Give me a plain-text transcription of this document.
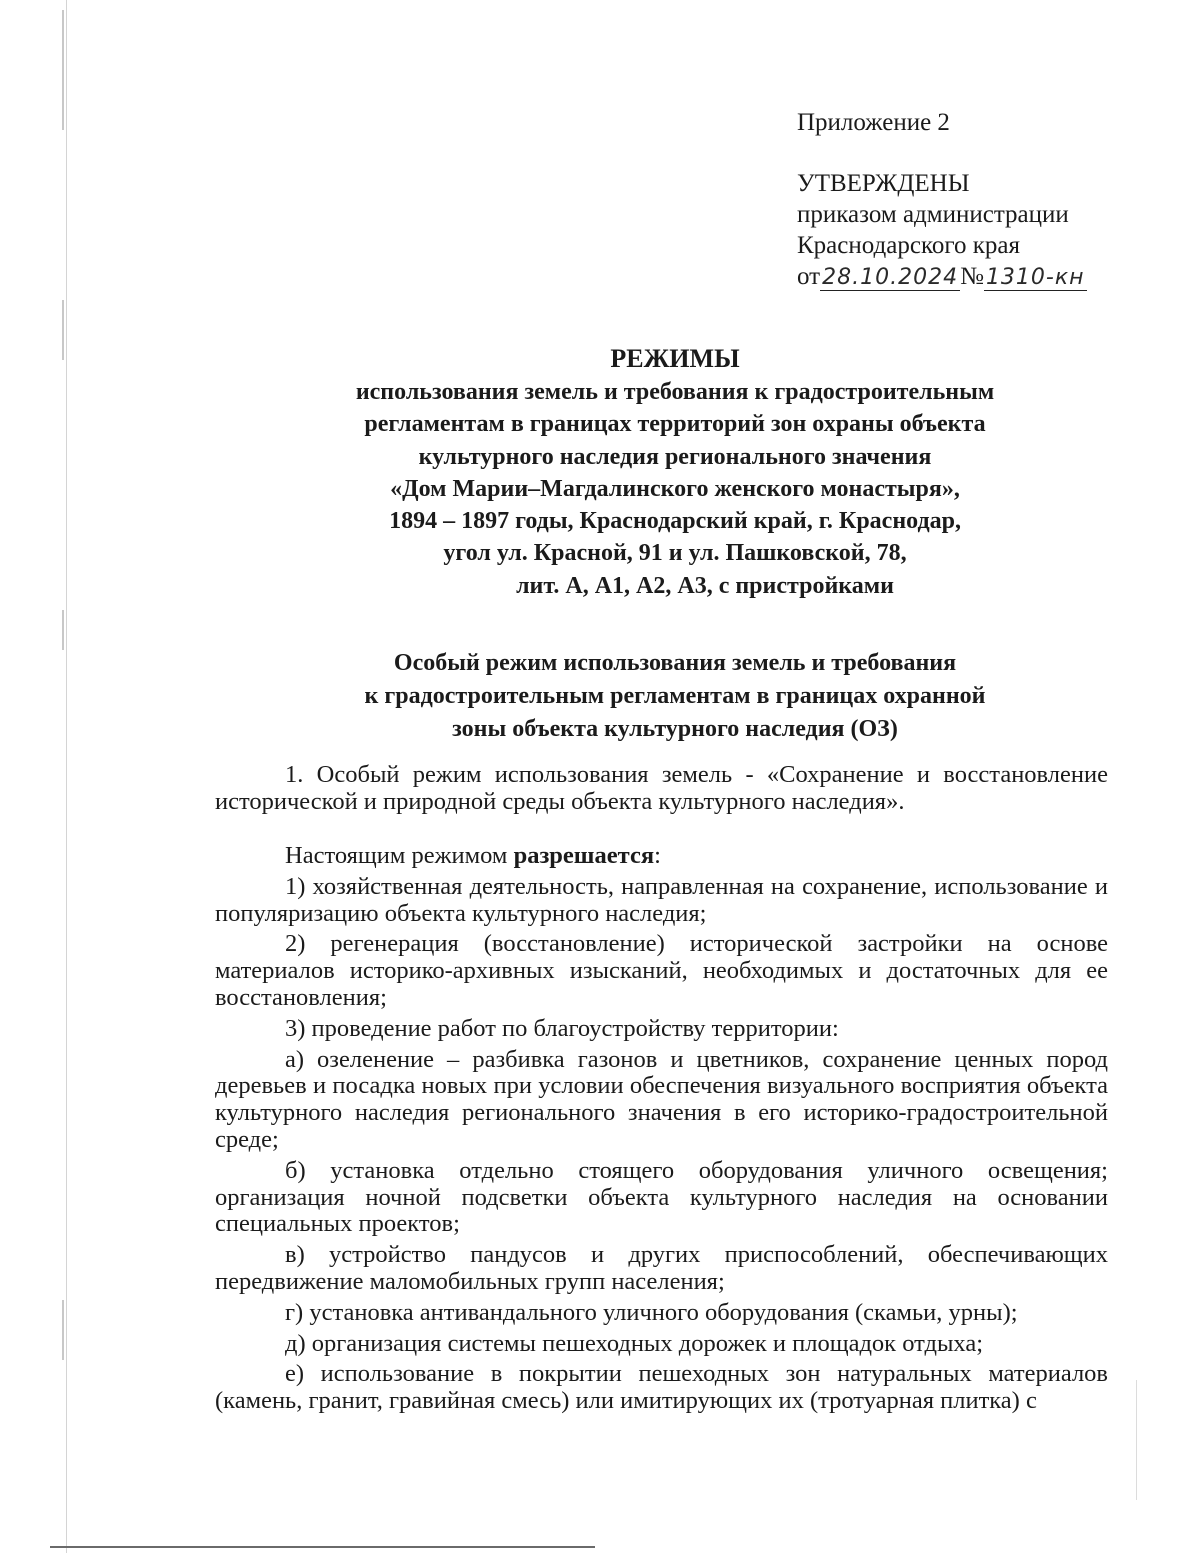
Приложение 2
УТВЕРЖДЕНЫ
приказом администрации
Краснодарского края
от28.10.2024№1310-кн
РЕЖИМЫ
использования земель и требования к градостроительным
регламентам в границах территорий зон охраны объекта
культурного наследия регионального значения
«Дом Марии–Магдалинского женского монастыря»,
1894 – 1897 годы, Краснодарский край, г. Краснодар,
угол ул. Красной, 91 и ул. Пашковской, 78,
лит. А, А1, А2, А3, с пристройками
Особый режим использования земель и требования
к градостроительным регламентам в границах охранной
зоны объекта культурного наследия (ОЗ)

1. Особый режим использования земель - «Сохранение и восстановление исторической и природной среды объекта культурного наследия».

Настоящим режимом разрешается:

1) хозяйственная деятельность, направленная на сохранение, использование и популяризацию объекта культурного наследия;

2) регенерация (восстановление) исторической застройки на основе материалов историко-архивных изысканий, необходимых и достаточных для ее восстановления;

3) проведение работ по благоустройству территории:

а) озеленение – разбивка газонов и цветников, сохранение ценных пород деревьев и посадка новых при условии обеспечения визуального восприятия объекта культурного наследия регионального значения в его историко-градостроительной среде;

б) установка отдельно стоящего оборудования уличного освещения; организация ночной подсветки объекта культурного наследия на основании специальных проектов;

в) устройство пандусов и других приспособлений, обеспечивающих передвижение маломобильных групп населения;

г) установка антивандального уличного оборудования (скамьи, урны);

д) организация системы пешеходных дорожек и площадок отдыха;

е) использование в покрытии пешеходных зон натуральных материалов (камень, гранит, гравийная смесь) или имитирующих их (тротуарная плитка) с
